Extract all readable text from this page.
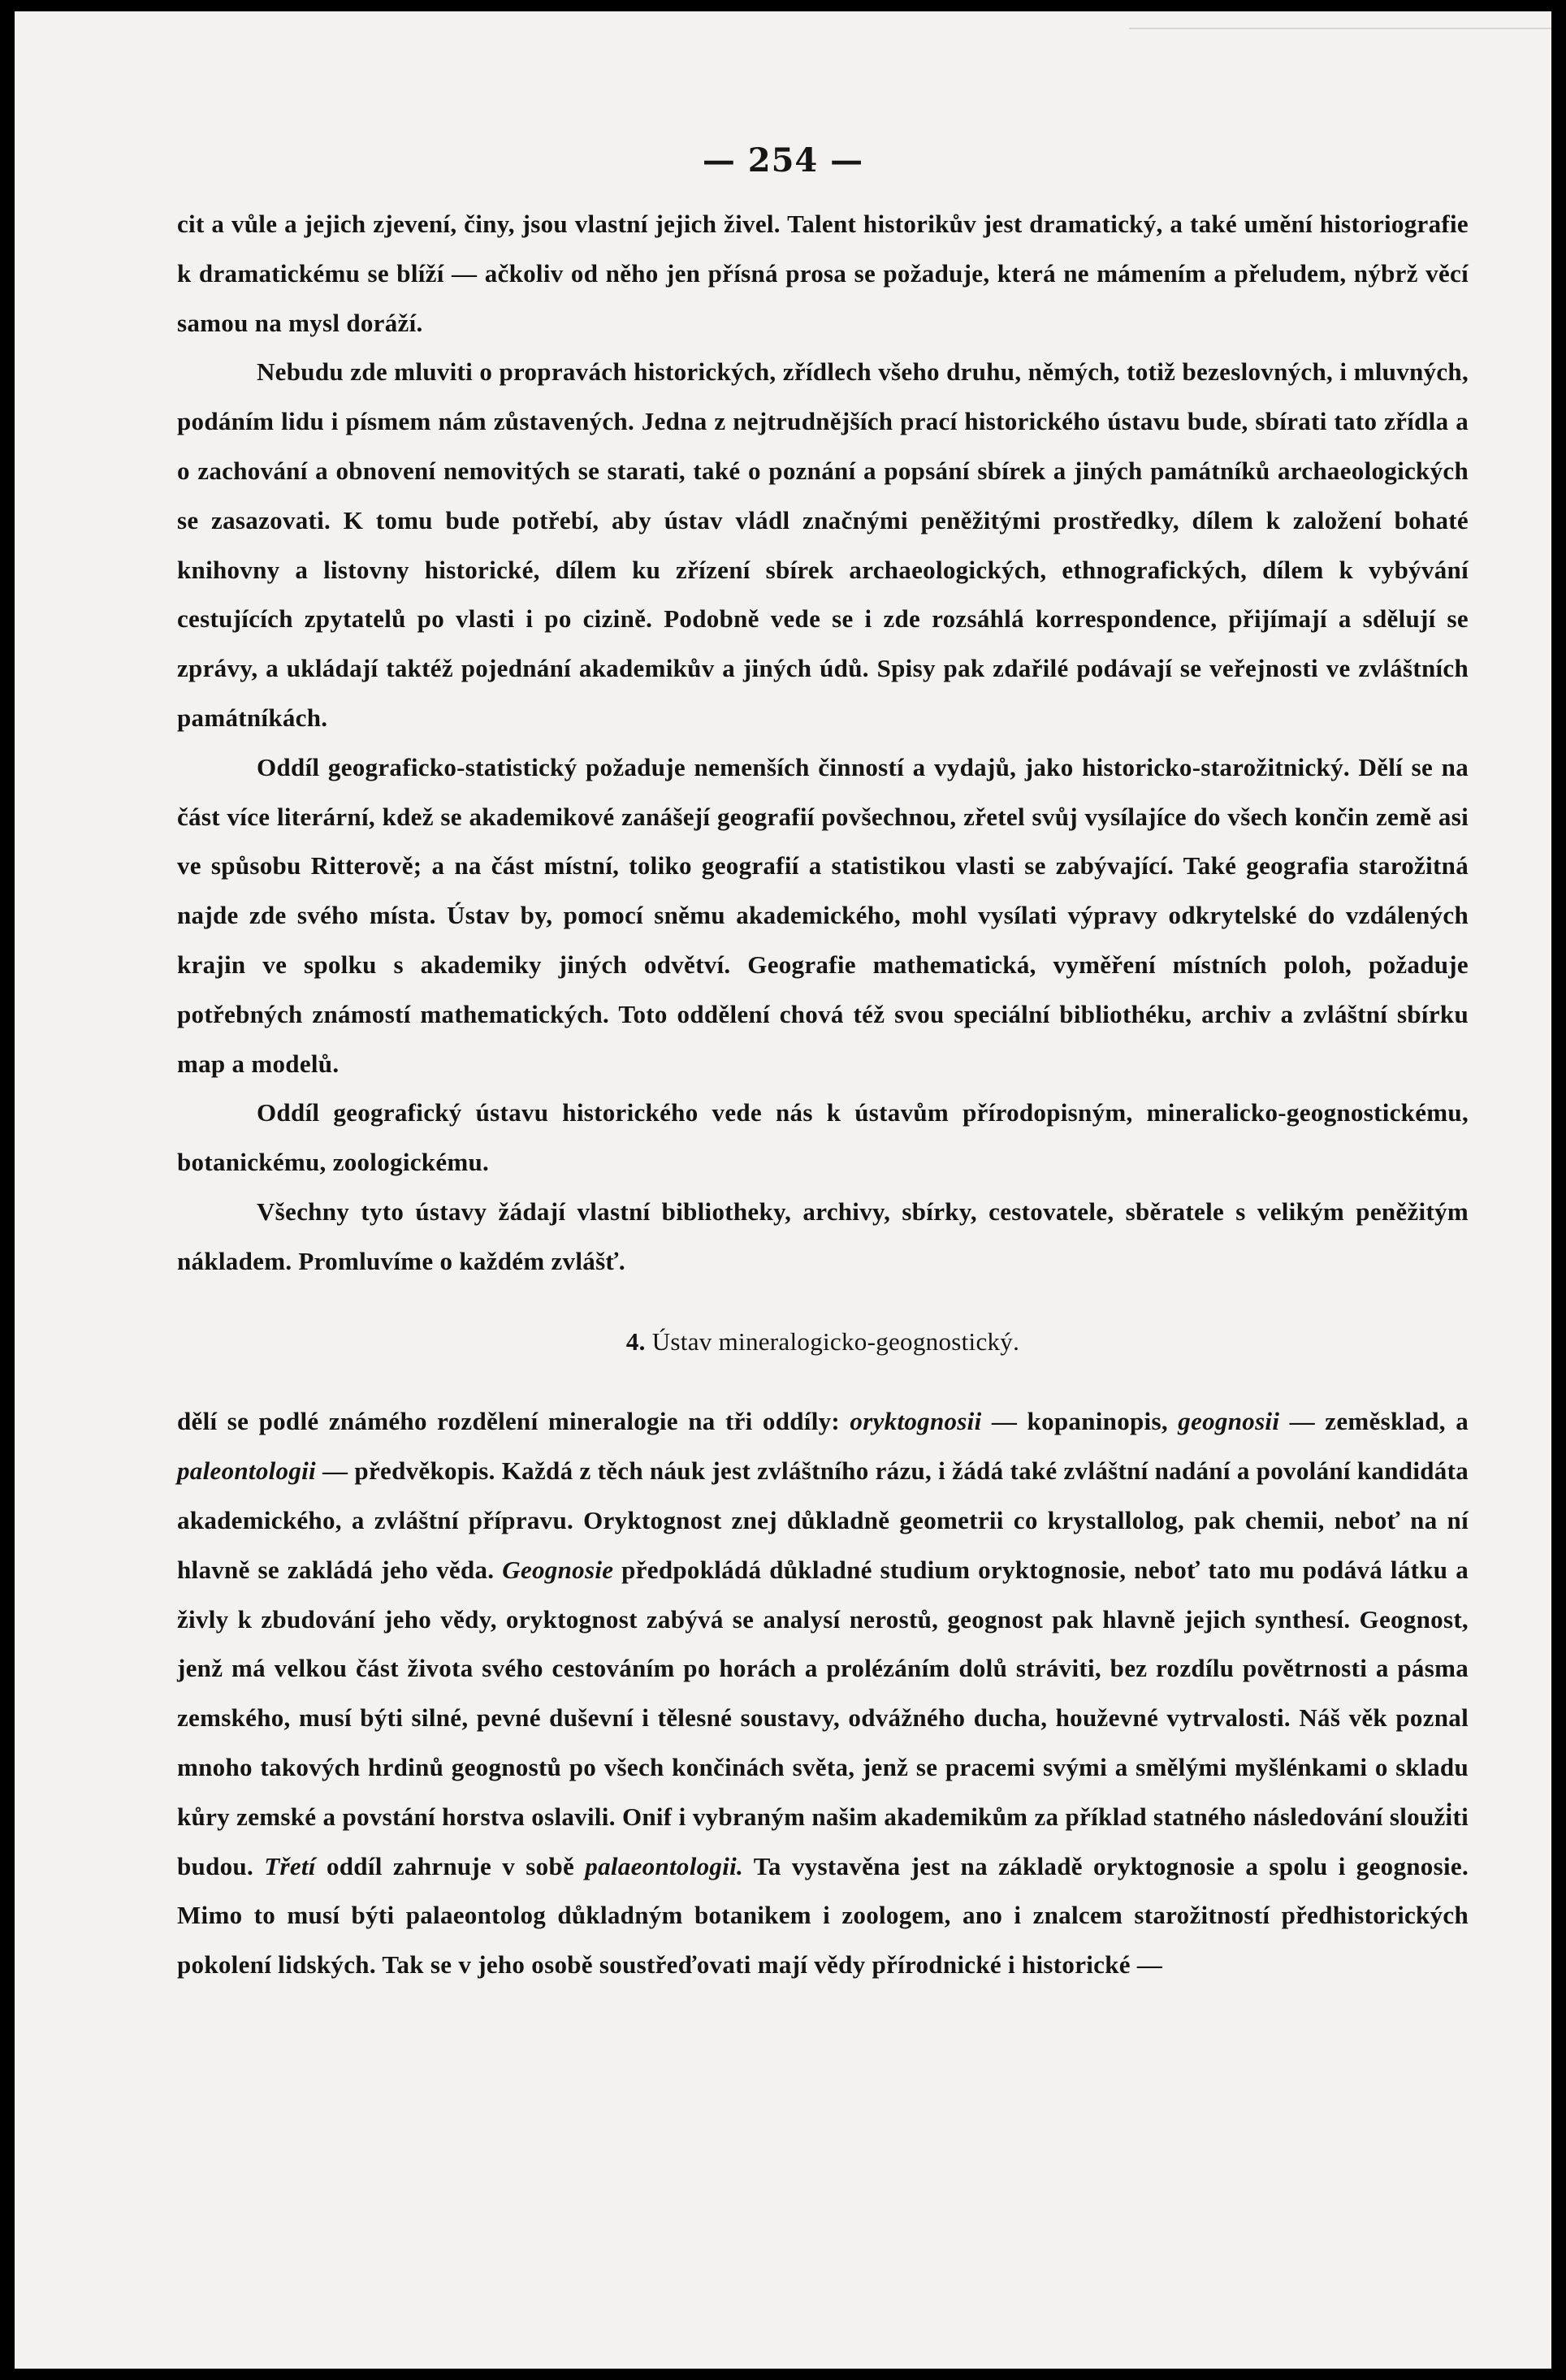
— 254 —

cit a vůle a jejich zjevení, činy, jsou vlastní jejich živel. Talent historikův jest dramatický, a také umění historiografie k dramatickému se blíží — ačkoliv od něho jen přísná prosa se požaduje, která ne mámením a přeludem, nýbrž věcí samou na mysl doráží.

Nebudu zde mluviti o propravách historických, zřídlech všeho druhu, němých, totiž bezeslovných, i mluvných, podáním lidu i písmem nám zůstavených. Jedna z nejtrudnějších prací historického ústavu bude, sbírati tato zřídla a o zachování a obnovení nemovitých se starati, také o poznání a popsání sbírek a jiných památníků archaeologických se zasazovati. K tomu bude potřebí, aby ústav vládl značnými peněžitými prostředky, dílem k založení bohaté knihovny a listovny historické, dílem ku zřízení sbírek archaeologických, ethnografických, dílem k vybývání cestujících zpytatelů po vlasti i po cizině. Podobně vede se i zde rozsáhlá korrespondence, přijímají a sdělují se zprávy, a ukládají taktéž pojednání akademikův a jiných údů. Spisy pak zdařilé podávají se veřejnosti ve zvláštních památníkách.

Oddíl geograficko-statistický požaduje nemenších činností a vydajů, jako historicko-starožitnický. Dělí se na část více literární, kdež se akademikové zanášejí geografií povšechnou, zřetel svůj vysílajíce do všech končin země asi ve spůsobu Ritterově; a na část místní, toliko geografií a statistikou vlasti se zabývající. Také geografia starožitná najde zde svého místa. Ústav by, pomocí sněmu akademického, mohl vysílati výpravy odkrytelské do vzdálených krajin ve spolku s akademiky jiných odvětví. Geografie mathematická, vyměření místních poloh, požaduje potřebných známostí mathematických. Toto oddělení chová též svou speciální bibliothéku, archiv a zvláštní sbírku map a modelů.

Oddíl geografický ústavu historického vede nás k ústavům přírodopisným, mineralicko-geognostickému, botanickému, zoologickému.

Všechny tyto ústavy žádají vlastní bibliotheky, archivy, sbírky, cestovatele, sběratele s velikým peněžitým nákladem. Promluvíme o každém zvlášť.

4. Ústav mineralogicko-geognostický.

dělí se podlé známého rozdělení mineralogie na tři oddíly: oryktognosii — kopaninopis, geognosii — zeměsklad, a paleontologii — předvěkopis. Každá z těch náuk jest zvláštního rázu, i žádá také zvláštní nadání a povolání kandidáta akademického, a zvláštní přípravu. Oryktognost znej důkladně geometrii co krystallolog, pak chemii, neboť na ní hlavně se zakládá jeho věda. Geognosie předpokládá důkladné studium oryktognosie, neboť tato mu podává látku a živly k zbudování jeho vědy, oryktognost zabývá se analysí nerostů, geognost pak hlavně jejich synthesí. Geognost, jenž má velkou část života svého cestováním po horách a prolézáním dolů stráviti, bez rozdílu povětrnosti a pásma zemského, musí býti silné, pevné duševní i tělesné soustavy, odvážného ducha, houževné vytrvalosti. Náš věk poznal mnoho takových hrdinů geognostů po všech končinách světa, jenž se pracemi svými a smělými myšlénkami o skladu kůry zemské a povstání horstva oslavili. Onif i vybraným našim akademikům za příklad statného následování slouži̇ti budou. Třetí oddíl zahrnuje v sobě palaeontologii. Ta vystavěna jest na základě oryktognosie a spolu i geognosie. Mimo to musí býti palaeontolog důkladným botanikem i zoologem, ano i znalcem starožitností předhistorických pokolení lidských. Tak se v jeho osobě soustřeďovati mají vědy přírodnické i historické —
